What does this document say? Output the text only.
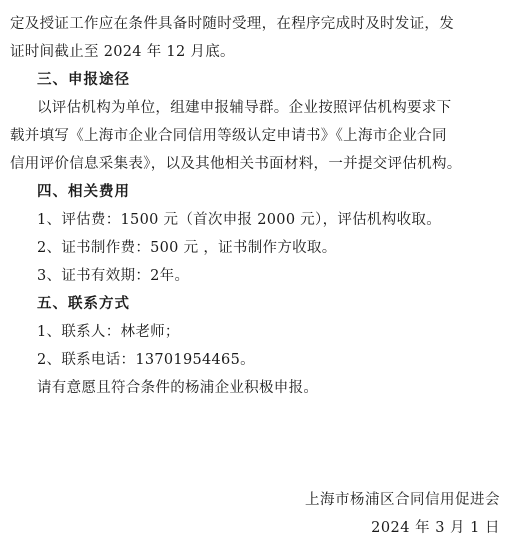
定及授证工作应在条件具备时随时受理，在程序完成时及时发证，发
证时间截止至 2024 年 12 月底。
三、申报途径
以评估机构为单位，组建申报辅导群。企业按照评估机构要求下
载并填写《上海市企业合同信用等级认定申请书》《上海市企业合同
信用评价信息采集表》，以及其他相关书面材料，一并提交评估机构。
四、相关费用
1、评估费：1500 元（首次申报 2000 元），评估机构收取。
2、证书制作费：500 元 ，证书制作方收取。
3、证书有效期：2年。
五、联系方式
1、联系人：林老师；
2、联系电话：13701954465。
请有意愿且符合条件的杨浦企业积极申报。
上海市杨浦区合同信用促进会
2024 年 3 月 1 日
